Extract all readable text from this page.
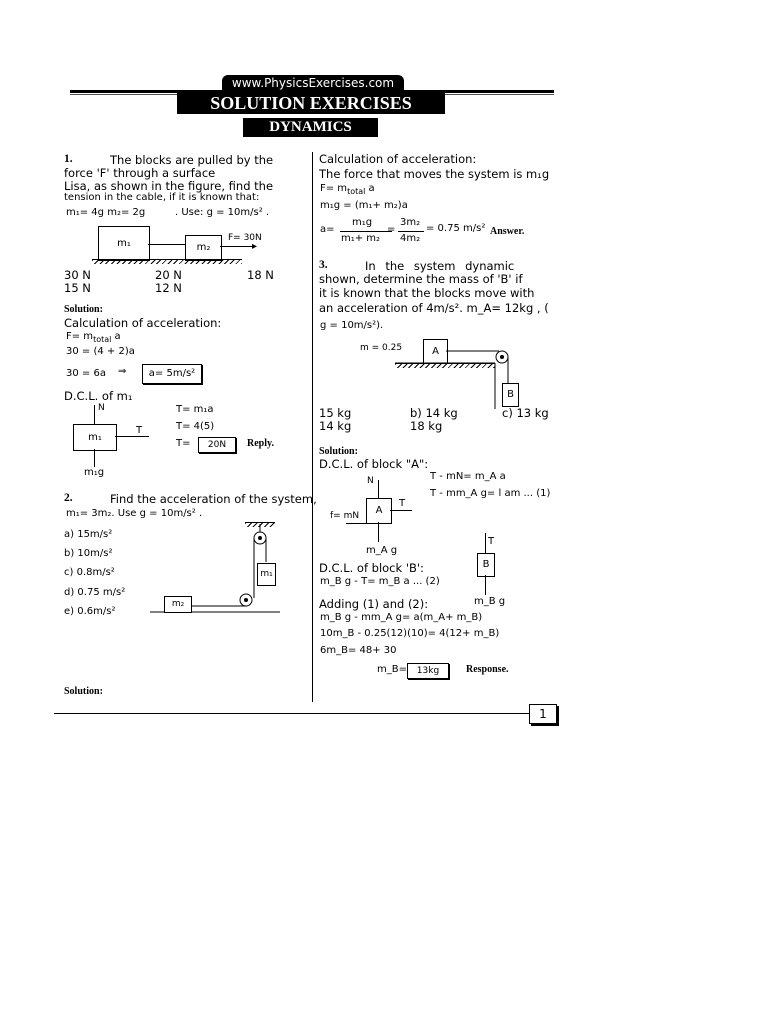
www.PhysicsExercises.com
SOLUTION EXERCISES
DYNAMICS
1.	The blocks are pulled by the
force 'F' through a surface
Lisa, as shown in the figure, find the
tension in the cable, if it is known that:
m₁= 4g m₂= 2g	. Use: g = 10m/s² .
m₁	m₂	▸
F= 30N
30 N	20 N	18 N
15 N	12 N
Solution:
Calculation of acceleration:
$F= m_{total}$ a
30 = (4 + 2)a
30 = 6a ⇒	a= 5m/s²
D.C.L. of m₁
N
m₁
T
m₁g
T= m₁a
T= 4(5)
T=	20N	Reply.
2.	Find the acceleration of the system,
m₁= 3m₂. Use g = 10m/s² .
a) 15m/s²
b) 10m/s²
c) 0.8m/s²
d) 0.75 m/s²
e) 0.6m/s²
m₁
m₂
Solution:
Calculation of acceleration:
The force that moves the system is m₁g
$F= m_{total}$ a
m₁g = (m₁+ m₂)a
a=
m₁g
m₁+ m₂
=
3m₂
4m₂
= 0.75 m/s² Answer.
3.	In the system dynamic
shown, determine the mass of 'B' if
it is known that the blocks move with
an acceleration of 4m/s². m_A= 12kg , (
g = 10m/s²).
m = 0.25	A
B
15 kg	b) 14 kg	c) 13 kg
14 kg	18 kg
Solution:
D.C.L. of block "A":
T - mN= m_A a
T - mm_A g= l am ... (1)
N
A
T
f= mN
m_A g
D.C.L. of block 'B':
m_B g - T= m_B a ... (2)
T
B
m_B g
Adding (1) and (2):
m_B g - mm_A g= a(m_A+ m_B)
10m_B - 0.25(12)(10)= 4(12+ m_B)
6m_B= 48+ 30
m_B=	13kg	Response.
1
